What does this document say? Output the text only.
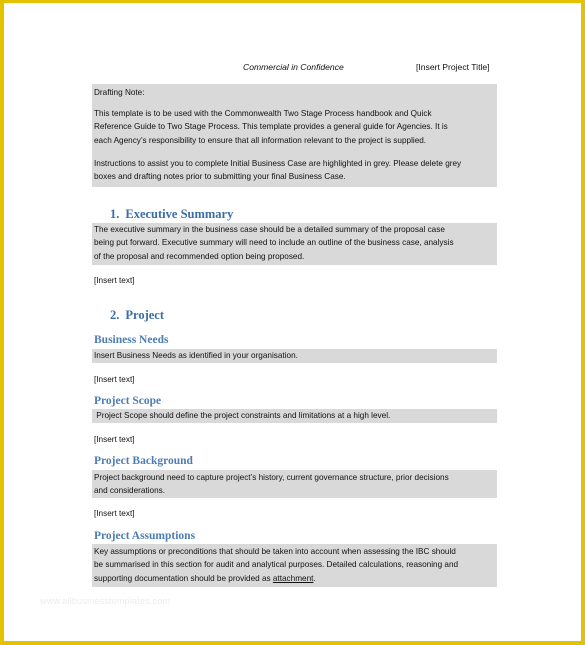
Commercial in Confidence	[Insert Project Title]
Drafting Note:
This template is to be used with the Commonwealth Two Stage Process handbook and Quick
Reference Guide to Two Stage Process. This template provides a general guide for Agencies. It is
each Agency’s responsibility to ensure that all information relevant to the project is supplied.
Instructions to assist you to complete Initial Business Case are highlighted in grey. Please delete grey
boxes and drafting notes prior to submitting your final Business Case.
1. Executive Summary
The executive summary in the business case should be a detailed summary of the proposal case
being put forward. Executive summary will need to include an outline of the business case, analysis
of the proposal and recommended option being proposed.
[Insert text]
2. Project
Business Needs
Insert Business Needs as identified in your organisation.
[Insert text]
Project Scope
Project Scope should define the project constraints and limitations at a high level.
[Insert text]
Project Background
Project background need to capture project’s history, current governance structure, prior decisions
and considerations.
[Insert text]
Project Assumptions
Key assumptions or preconditions that should be taken into account when assessing the IBC should
be summarised in this section for audit and analytical purposes. Detailed calculations, reasoning and
supporting documentation should be provided as attachment.
www.allbusinesstemplates.com
